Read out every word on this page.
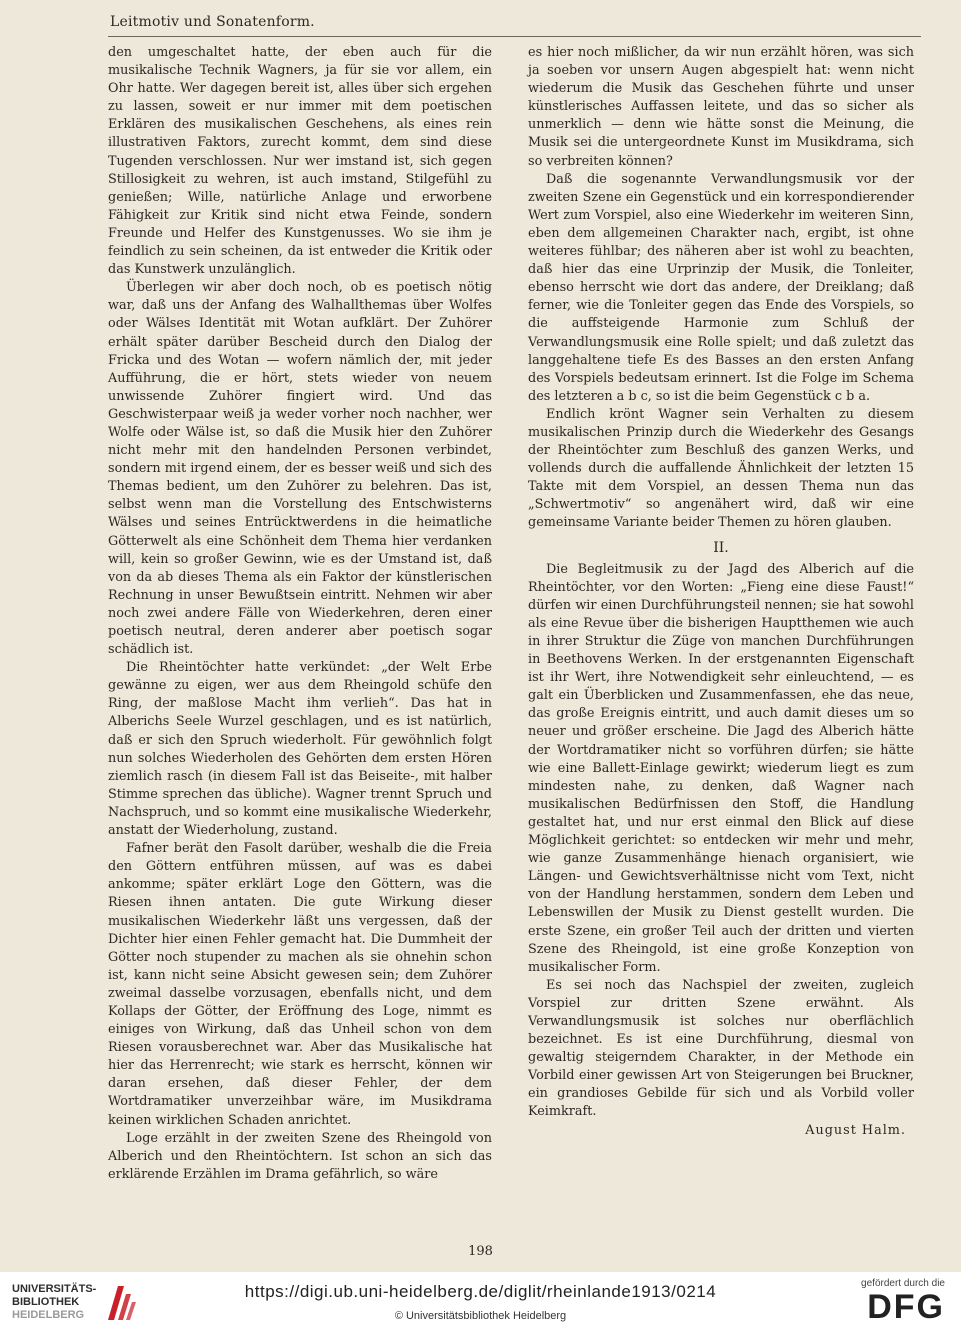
Leitmotiv und Sonatenform.

den umgeschaltet hatte, der eben auch für die musikalische Technik Wagners, ja für sie vor allem, ein Ohr hatte. Wer dagegen bereit ist, alles über sich ergehen zu lassen, soweit er nur immer mit dem poetischen Erklären des musikalischen Geschehens, als eines rein illustrativen Faktors, zurecht kommt, dem sind diese Tugenden verschlossen. Nur wer imstand ist, sich gegen Stillosigkeit zu wehren, ist auch imstand, Stilgefühl zu genießen; Wille, natürliche Anlage und erworbene Fähigkeit zur Kritik sind nicht etwa Feinde, sondern Freunde und Helfer des Kunstgenusses. Wo sie ihm je feindlich zu sein scheinen, da ist entweder die Kritik oder das Kunstwerk unzulänglich.

Überlegen wir aber doch noch, ob es poetisch nötig war, daß uns der Anfang des Walhallthemas über Wolfes oder Wälses Identität mit Wotan aufklärt. Der Zuhörer erhält später darüber Bescheid durch den Dialog der Fricka und des Wotan — wofern nämlich der, mit jeder Aufführung, die er hört, stets wieder von neuem unwissende Zuhörer fingiert wird. Und das Geschwisterpaar weiß ja weder vorher noch nachher, wer Wolfe oder Wälse ist, so daß die Musik hier den Zuhörer nicht mehr mit den handelnden Personen verbindet, sondern mit irgend einem, der es besser weiß und sich des Themas bedient, um den Zuhörer zu belehren. Das ist, selbst wenn man die Vorstellung des Entschwisterns Wälses und seines Entrücktwerdens in die heimatliche Götterwelt als eine Schönheit dem Thema hier verdanken will, kein so großer Gewinn, wie es der Umstand ist, daß von da ab dieses Thema als ein Faktor der künstlerischen Rechnung in unser Bewußtsein eintritt. Nehmen wir aber noch zwei andere Fälle von Wiederkehren, deren einer poetisch neutral, deren anderer aber poetisch sogar schädlich ist.

Die Rheintöchter hatte verkündet: „der Welt Erbe gewänne zu eigen, wer aus dem Rheingold schüfe den Ring, der maßlose Macht ihm verlieh“. Das hat in Alberichs Seele Wurzel geschlagen, und es ist natürlich, daß er sich den Spruch wiederholt. Für gewöhnlich folgt nun solches Wiederholen des Gehörten dem ersten Hören ziemlich rasch (in diesem Fall ist das Beiseite-, mit halber Stimme sprechen das übliche). Wagner trennt Spruch und Nachspruch, und so kommt eine musikalische Wiederkehr, anstatt der Wiederholung, zustand.

Fafner berät den Fasolt darüber, weshalb die die Freia den Göttern entführen müssen, auf was es dabei ankomme; später erklärt Loge den Göttern, was die Riesen ihnen antaten. Die gute Wirkung dieser musikalischen Wiederkehr läßt uns vergessen, daß der Dichter hier einen Fehler gemacht hat. Die Dummheit der Götter noch stupender zu machen als sie ohnehin schon ist, kann nicht seine Absicht gewesen sein; dem Zuhörer zweimal dasselbe vorzusagen, ebenfalls nicht, und dem Kollaps der Götter, der Eröffnung des Loge, nimmt es einiges von Wirkung, daß das Unheil schon von dem Riesen vorausberechnet war. Aber das Musikalische hat hier das Herrenrecht; wie stark es herrscht, können wir daran ersehen, daß dieser Fehler, der dem Wortdramatiker unverzeihbar wäre, im Musikdrama keinen wirklichen Schaden anrichtet.

Loge erzählt in der zweiten Szene des Rheingold von Alberich und den Rheintöchtern. Ist schon an sich das erklärende Erzählen im Drama gefährlich, so wäre

es hier noch mißlicher, da wir nun erzählt hören, was sich ja soeben vor unsern Augen abgespielt hat: wenn nicht wiederum die Musik das Geschehen führte und unser künstlerisches Auffassen leitete, und das so sicher als unmerklich — denn wie hätte sonst die Meinung, die Musik sei die untergeordnete Kunst im Musikdrama, sich so verbreiten können?

Daß die sogenannte Verwandlungsmusik vor der zweiten Szene ein Gegenstück und ein korrespondierender Wert zum Vorspiel, also eine Wiederkehr im weiteren Sinn, eben dem allgemeinen Charakter nach, ergibt, ist ohne weiteres fühlbar; des näheren aber ist wohl zu beachten, daß hier das eine Urprinzip der Musik, die Tonleiter, ebenso herrscht wie dort das andere, der Dreiklang; daß ferner, wie die Tonleiter gegen das Ende des Vorspiels, so die auffsteigende Harmonie zum Schluß der Verwandlungsmusik eine Rolle spielt; und daß zuletzt das langgehaltene tiefe Es des Basses an den ersten Anfang des Vorspiels bedeutsam erinnert. Ist die Folge im Schema des letzteren a b c, so ist die beim Gegenstück c b a.

Endlich krönt Wagner sein Verhalten zu diesem musikalischen Prinzip durch die Wiederkehr des Gesangs der Rheintöchter zum Beschluß des ganzen Werks, und vollends durch die auffallende Ähnlichkeit der letzten 15 Takte mit dem Vorspiel, an dessen Thema nun das „Schwertmotiv“ so angenähert wird, daß wir eine gemeinsame Variante beider Themen zu hören glauben.

II.

Die Begleitmusik zu der Jagd des Alberich auf die Rheintöchter, vor den Worten: „Fieng eine diese Faust!“ dürfen wir einen Durchführungsteil nennen; sie hat sowohl als eine Revue über die bisherigen Hauptthemen wie auch in ihrer Struktur die Züge von manchen Durchführungen in Beethovens Werken. In der erstgenannten Eigenschaft ist ihr Wert, ihre Notwendigkeit sehr einleuchtend, — es galt ein Überblicken und Zusammenfassen, ehe das neue, das große Ereignis eintritt, und auch damit dieses um so neuer und größer erscheine. Die Jagd des Alberich hätte der Wortdramatiker nicht so vorführen dürfen; sie hätte wie eine Ballett-Einlage gewirkt; wiederum liegt es zum mindesten nahe, zu denken, daß Wagner nach musikalischen Bedürfnissen den Stoff, die Handlung gestaltet hat, und nur erst einmal den Blick auf diese Möglichkeit gerichtet: so entdecken wir mehr und mehr, wie ganze Zusammenhänge hienach organisiert, wie Längen- und Gewichtsverhältnisse nicht vom Text, nicht von der Handlung herstammen, sondern dem Leben und Lebenswillen der Musik zu Dienst gestellt wurden. Die erste Szene, ein großer Teil auch der dritten und vierten Szene des Rheingold, ist eine große Konzeption von musikalischer Form.

Es sei noch das Nachspiel der zweiten, zugleich Vorspiel zur dritten Szene erwähnt. Als Verwandlungsmusik ist solches nur oberflächlich bezeichnet. Es ist eine Durchführung, diesmal von gewaltig steigerndem Charakter, in der Methode ein Vorbild einer gewissen Art von Steigerungen bei Bruckner, ein grandioses Gebilde für sich und als Vorbild voller Keimkraft.

August Halm.
198
UNIVERSITÄTS-
BIBLIOTHEK
HEIDELBERG
https://digi.ub.uni-heidelberg.de/diglit/rheinlande1913/0214
© Universitätsbibliothek Heidelberg
gefördert durch die
DFG
